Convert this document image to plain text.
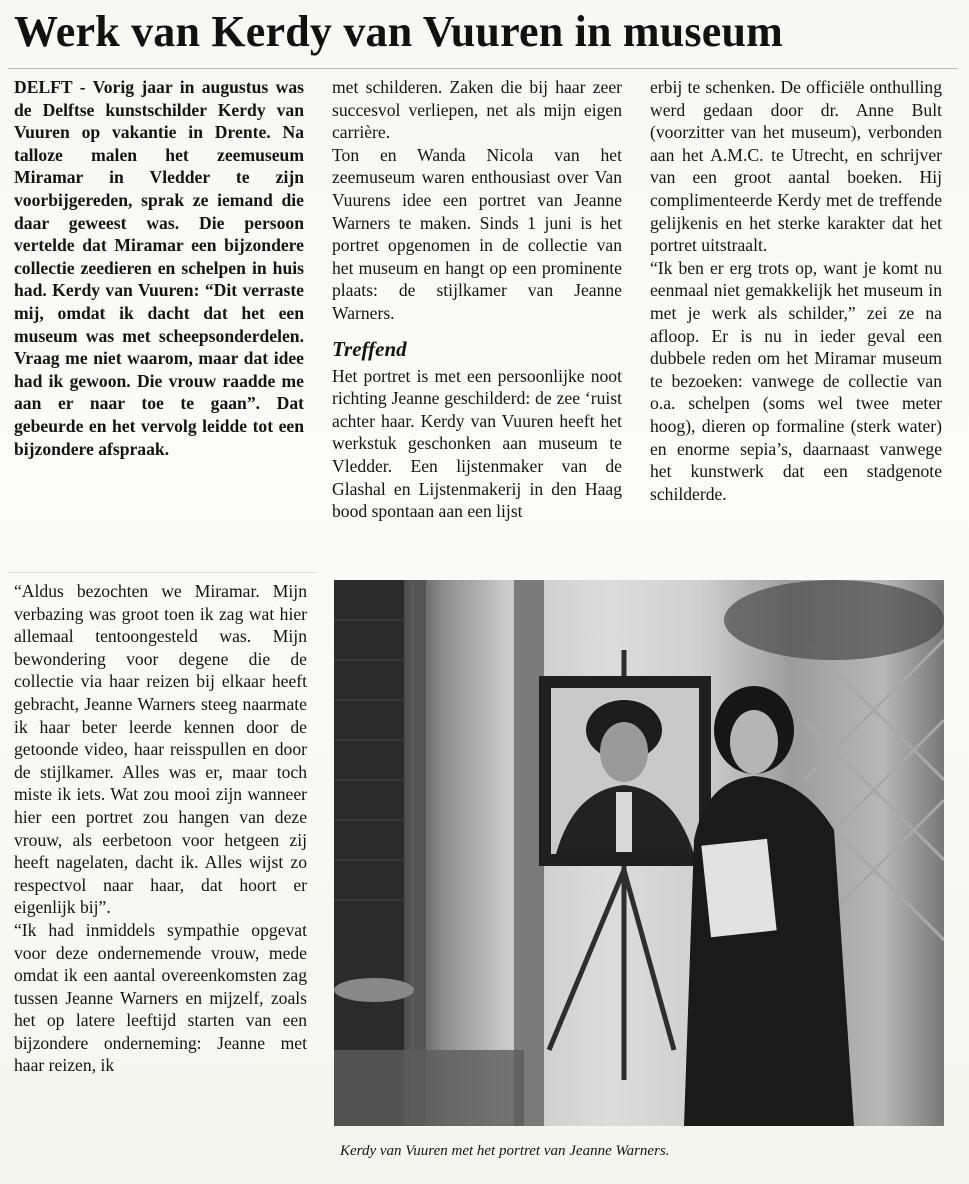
Werk van Kerdy van Vuuren in museum

DELFT - Vorig jaar in augustus was de Delftse kunstschilder Kerdy van Vuuren op vakantie in Drente. Na talloze malen het zeemuseum Miramar in Vledder te zijn voorbijgereden, sprak ze iemand die daar geweest was. Die persoon vertelde dat Miramar een bijzondere collectie zeedieren en schelpen in huis had. Kerdy van Vuuren: “Dit verraste mij, omdat ik dacht dat het een museum was met scheepsonderdelen. Vraag me niet waarom, maar dat idee had ik gewoon. Die vrouw raadde me aan er naar toe te gaan”. Dat gebeurde en het vervolg leidde tot een bijzondere afspraak.

“Aldus bezochten we Miramar. Mijn verbazing was groot toen ik zag wat hier allemaal tentoongesteld was. Mijn bewondering voor degene die de collectie via haar reizen bij elkaar heeft gebracht, Jeanne Warners steeg naarmate ik haar beter leerde kennen door de getoonde video, haar reisspullen en door de stijlkamer. Alles was er, maar toch miste ik iets. Wat zou mooi zijn wanneer hier een portret zou hangen van deze vrouw, als eerbetoon voor hetgeen zij heeft nagelaten, dacht ik. Alles wijst zo respectvol naar haar, dat hoort er eigenlijk bij”.

“Ik had inmiddels sympathie opgevat voor deze ondernemende vrouw, mede omdat ik een aantal overeenkomsten zag tussen Jeanne Warners en mijzelf, zoals het op latere leeftijd starten van een bijzondere onderneming: Jeanne met haar reizen, ik

met schilderen. Zaken die bij haar zeer succesvol verliepen, net als mijn eigen carrière.

Ton en Wanda Nicola van het zeemuseum waren enthousiast over Van Vuurens idee een portret van Jeanne Warners te maken. Sinds 1 juni is het portret opgenomen in de collectie van het museum en hangt op een prominente plaats: de stijlkamer van Jeanne Warners.

Treffend

Het portret is met een persoonlijke noot richting Jeanne geschilderd: de zee ‘ruist achter haar. Kerdy van Vuuren heeft het werkstuk geschonken aan museum te Vledder. Een lijstenmaker van de Glashal en Lijstenmakerij in den Haag bood spontaan aan een lijst

erbij te schenken. De officiële onthulling werd gedaan door dr. Anne Bult (voorzitter van het museum), verbonden aan het A.M.C. te Utrecht, en schrijver van een groot aantal boeken. Hij complimenteerde Kerdy met de treffende gelijkenis en het sterke karakter dat het portret uitstraalt.

“Ik ben er erg trots op, want je komt nu eenmaal niet gemakkelijk het museum in met je werk als schilder,” zei ze na afloop. Er is nu in ieder geval een dubbele reden om het Miramar museum te bezoeken: vanwege de collectie van o.a. schelpen (soms wel twee meter hoog), dieren op formaline (sterk water) en enorme sepia’s, daarnaast vanwege het kunstwerk dat een stadgenote schilderde.

Kerdy van Vuuren met het portret van Jeanne Warners.
